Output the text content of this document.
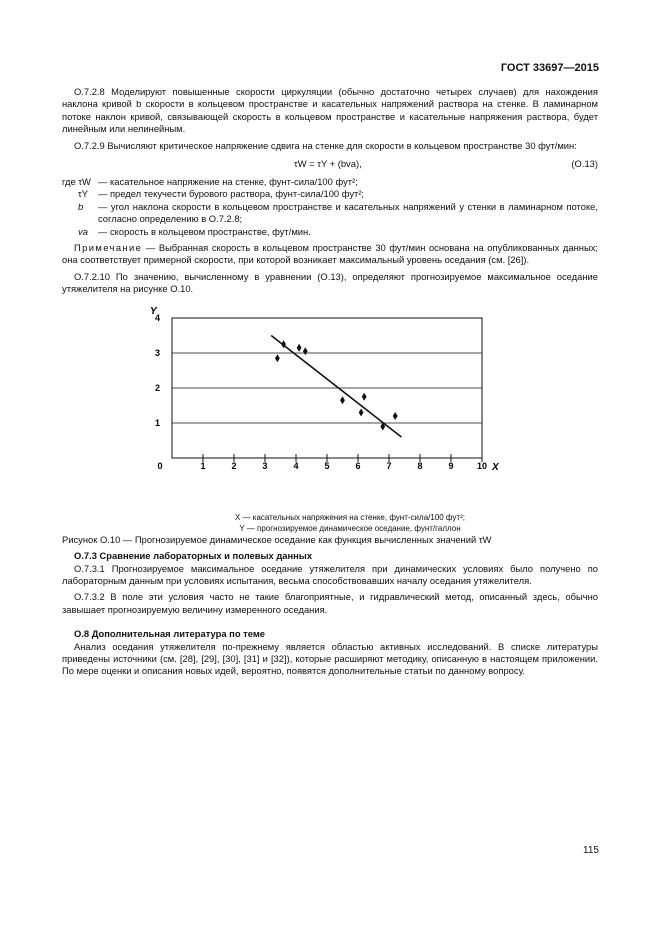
ГОСТ 33697—2015

О.7.2.8 Моделируют повышенные скорости циркуляции (обычно достаточно четырех случаев) для нахождения наклона кривой b скорости в кольцевом пространстве и касательных напряжений раствора на стенке. В ламинарном потоке наклон кривой, связывающей скорость в кольцевом пространстве и касательные напряжения раствора, будет линейным или нелинейным.

О.7.2.9 Вычисляют критическое напряжение сдвига на стенке для скорости в кольцевом пространстве 30 фут/мин:

τW = τY + (bva),	(О.13)
где τW — касательное напряжение на стенке, фунт-сила/100 фут²;
τY	— предел текучести бурового раствора, фунт-сила/100 фут²;
b	— угол наклона скорости в кольцевом пространстве и касательных напряжений у стенки в ламинарном потоке, согласно определению в О.7.2.8;
va	— скорость в кольцевом пространстве, фут/мин.

Примечание — Выбранная скорость в кольцевом пространстве 30 фут/мин основана на опубликованных данных; она соответствует примерной скорости, при которой возникает максимальный уровень оседания (см. [26]).

О.7.2.10 По значению, вычисленному в уравнении (О.13), определяют прогнозируемое максимальное оседание утяжелителя на рисунке О.10.

0	1	2	3	4	5	6	7	8	9	10
1
2
3
4
X
Y
X — касательных напряжения на стенке, фунт-сила/100 фут²;
Y — прогнозируемое динамическое оседание, фунт/галлон

Рисунок О.10 — Прогнозируемое динамическое оседание как функция вычисленных значений τW

О.7.3 Сравнение лабораторных и полевых данных

О.7.3.1 Прогнозируемое максимальное оседание утяжелителя при динамических условиях было получено по лабораторным данным при условиях испытания, весьма способствовавших началу оседания утяжелителя.

О.7.3.2 В поле эти условия часто не такие благоприятные, и гидравлический метод, описанный здесь, обычно завышает прогнозируемую величину измеренного оседания.

О.8 Дополнительная литература по теме

Анализ оседания утяжелителя по-прежнему является областью активных исследований. В списке литературы приведены источники (см. [28], [29], [30], [31] и [32]), которые расширяют методику, описанную в настоящем приложении. По мере оценки и описания новых идей, вероятно, появятся дополнительные статьи по данному вопросу.

115
